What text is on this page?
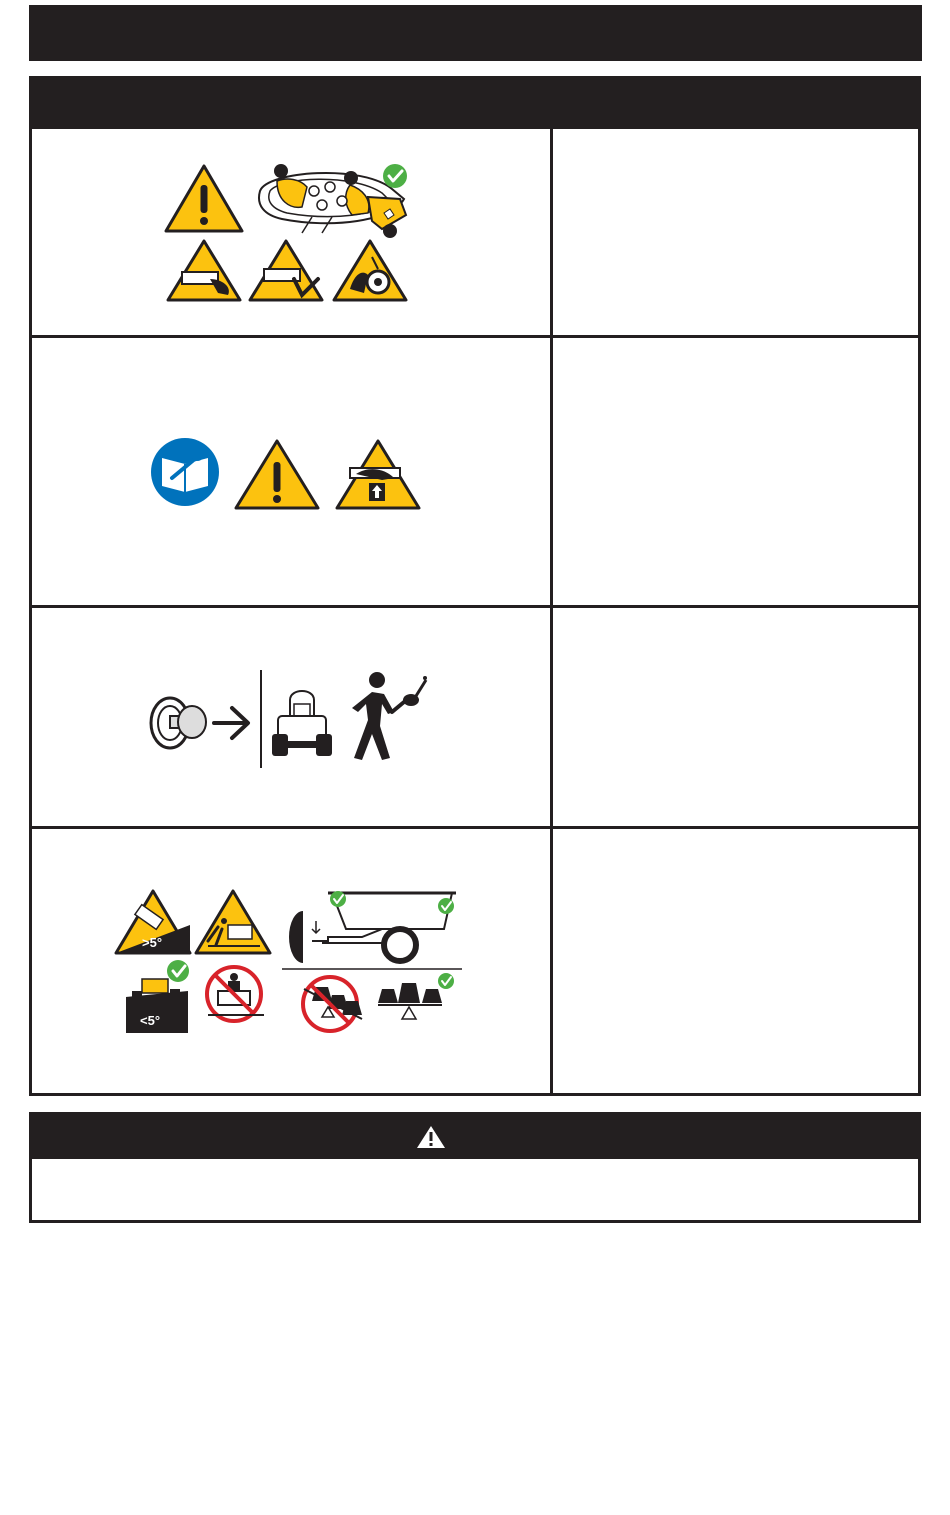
>5°
<5°
